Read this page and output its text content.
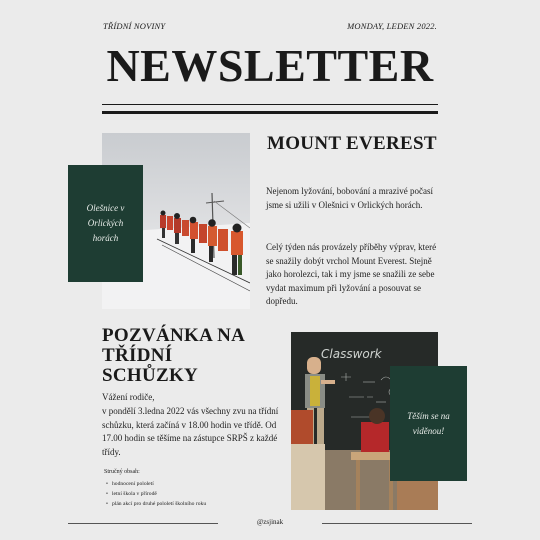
TŘÍDNÍ NOVINY	MONDAY, LEDEN 2022.
NEWSLETTER
Olešnice v Orlických horách
MOUNT EVEREST

Nejenom lyžování, bobování a mrazivé počasí jsme si užili v Olešnici v Orlických horách.

Celý týden nás provázely příběhy výprav, které se snažily dobýt vrchol Mount Everest. Stejně jako horolezci, tak i my jsme se snažili ze sebe vydat maximum při lyžování a posouvat se dopředu.

POZVÁNKA NA TŘÍDNÍ SCHŮZKY

Vážení rodiče,

v pondělí 3.ledna 2022 vás všechny zvu na třídní schůzku, která začíná v 18.00 hodin ve třídě. Od 17.00 hodin se těšíme na zástupce SRPŠ z každé třídy.

Stručný obsah:
• hodnocení pololetí
• letní škola v přírodě
• plán akcí pro druhé pololetí školního roku
Classwork
Těším se na viděnou!
@zsjinak
